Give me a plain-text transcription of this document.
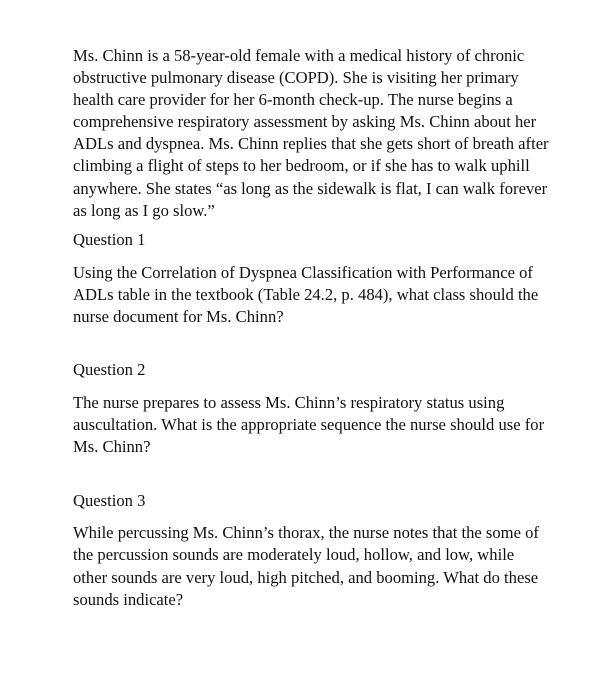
Ms. Chinn is a 58-year-old female with a medical history of chronic obstructive pulmonary disease (COPD). She is visiting her primary health care provider for her 6-month check-up. The nurse begins a comprehensive respiratory assessment by asking Ms. Chinn about her ADLs and dyspnea. Ms. Chinn replies that she gets short of breath after climbing a flight of steps to her bedroom, or if she has to walk uphill anywhere. She states “as long as the sidewalk is flat, I can walk forever as long as I go slow.”

Question 1

Using the Correlation of Dyspnea Classification with Performance of ADLs table in the textbook (Table 24.2, p. 484), what class should the nurse document for Ms. Chinn?

Question 2

The nurse prepares to assess Ms. Chinn’s respiratory status using auscultation. What is the appropriate sequence the nurse should use for Ms. Chinn?

Question 3

While percussing Ms. Chinn’s thorax, the nurse notes that the some of the percussion sounds are moderately loud, hollow, and low, while other sounds are very loud, high pitched, and booming. What do these sounds indicate?
